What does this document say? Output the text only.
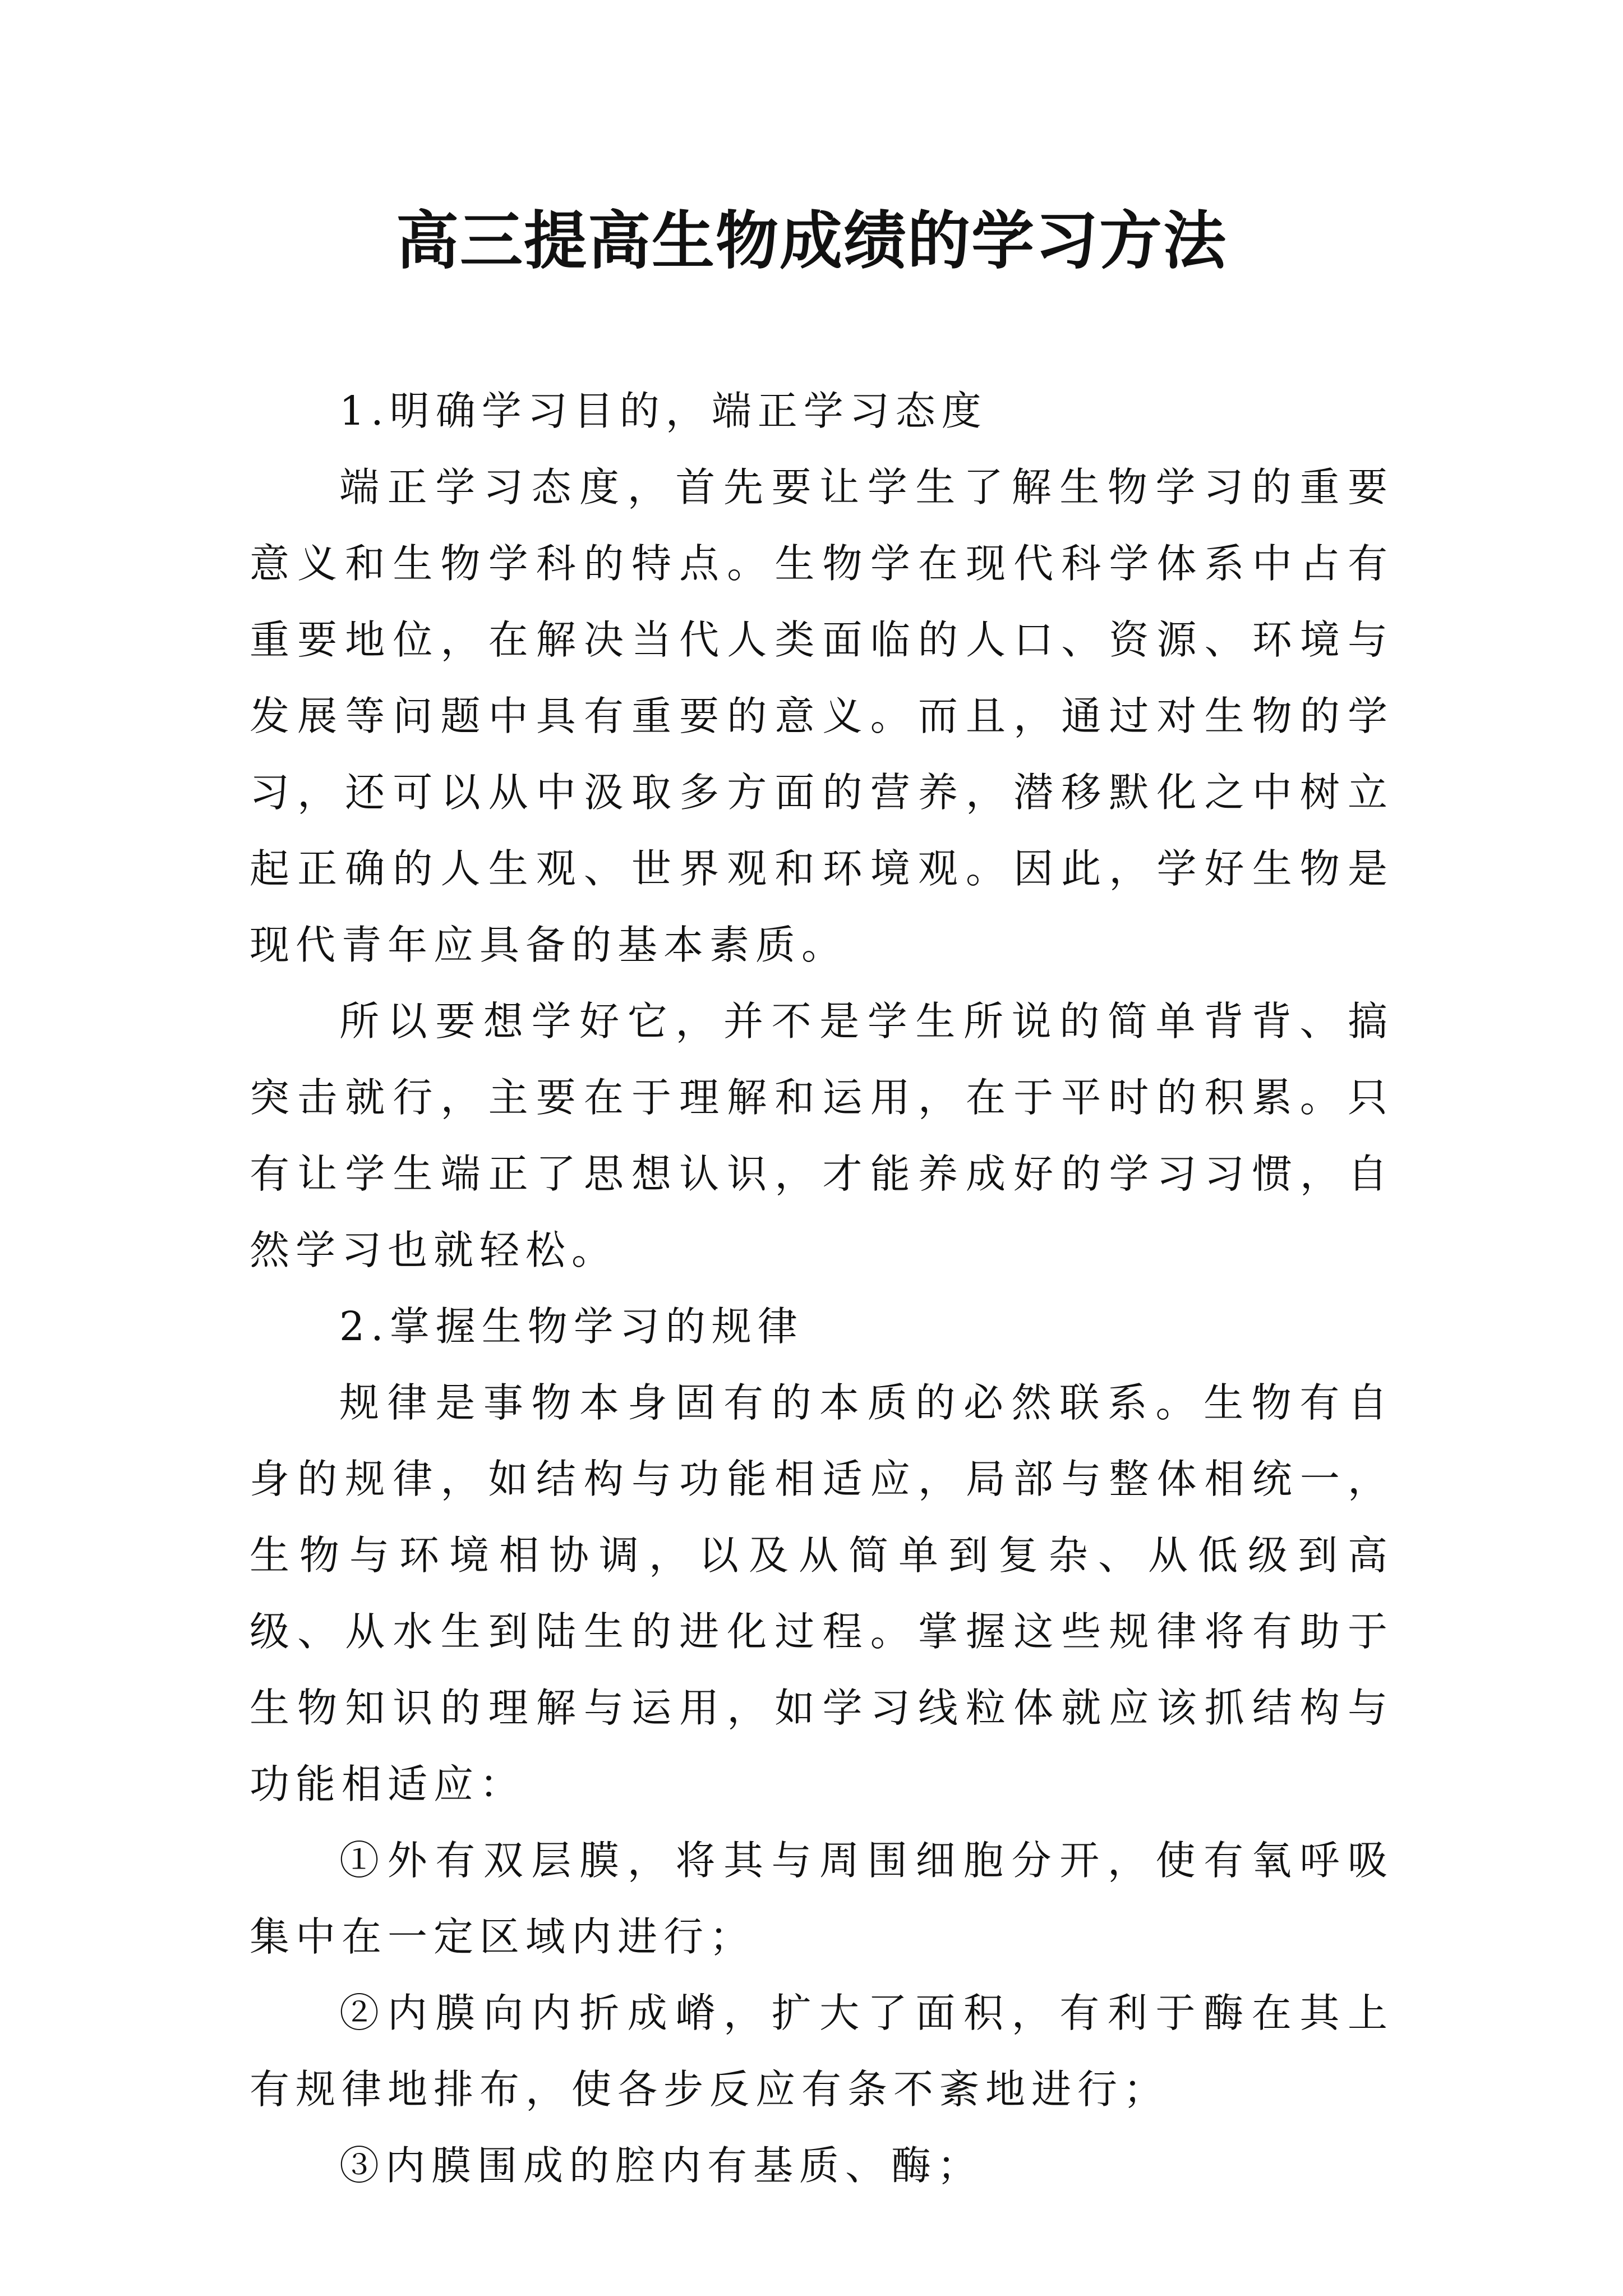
高三提高生物成绩的学习方法

1.明确学习目的，端正学习态度

端正学习态度，首先要让学生了解生物学习的重要意义和生物学科的特点。生物学在现代科学体系中占有重要地位，在解决当代人类面临的人口、资源、环境与发展等问题中具有重要的意义。而且，通过对生物的学习，还可以从中汲取多方面的营养，潜移默化之中树立起正确的人生观、世界观和环境观。因此，学好生物是现代青年应具备的基本素质。

所以要想学好它，并不是学生所说的简单背背、搞突击就行，主要在于理解和运用，在于平时的积累。只有让学生端正了思想认识，才能养成好的学习习惯，自然学习也就轻松。

2.掌握生物学习的规律

规律是事物本身固有的本质的必然联系。生物有自身的规律，如结构与功能相适应，局部与整体相统一，生物与环境相协调，以及从简单到复杂、从低级到高级、从水生到陆生的进化过程。掌握这些规律将有助于生物知识的理解与运用，如学习线粒体就应该抓结构与功能相适应：

①外有双层膜，将其与周围细胞分开，使有氧呼吸集中在一定区域内进行；

②内膜向内折成嵴，扩大了面积，有利于酶在其上有规律地排布，使各步反应有条不紊地进行；

③内膜围成的腔内有基质、酶；
